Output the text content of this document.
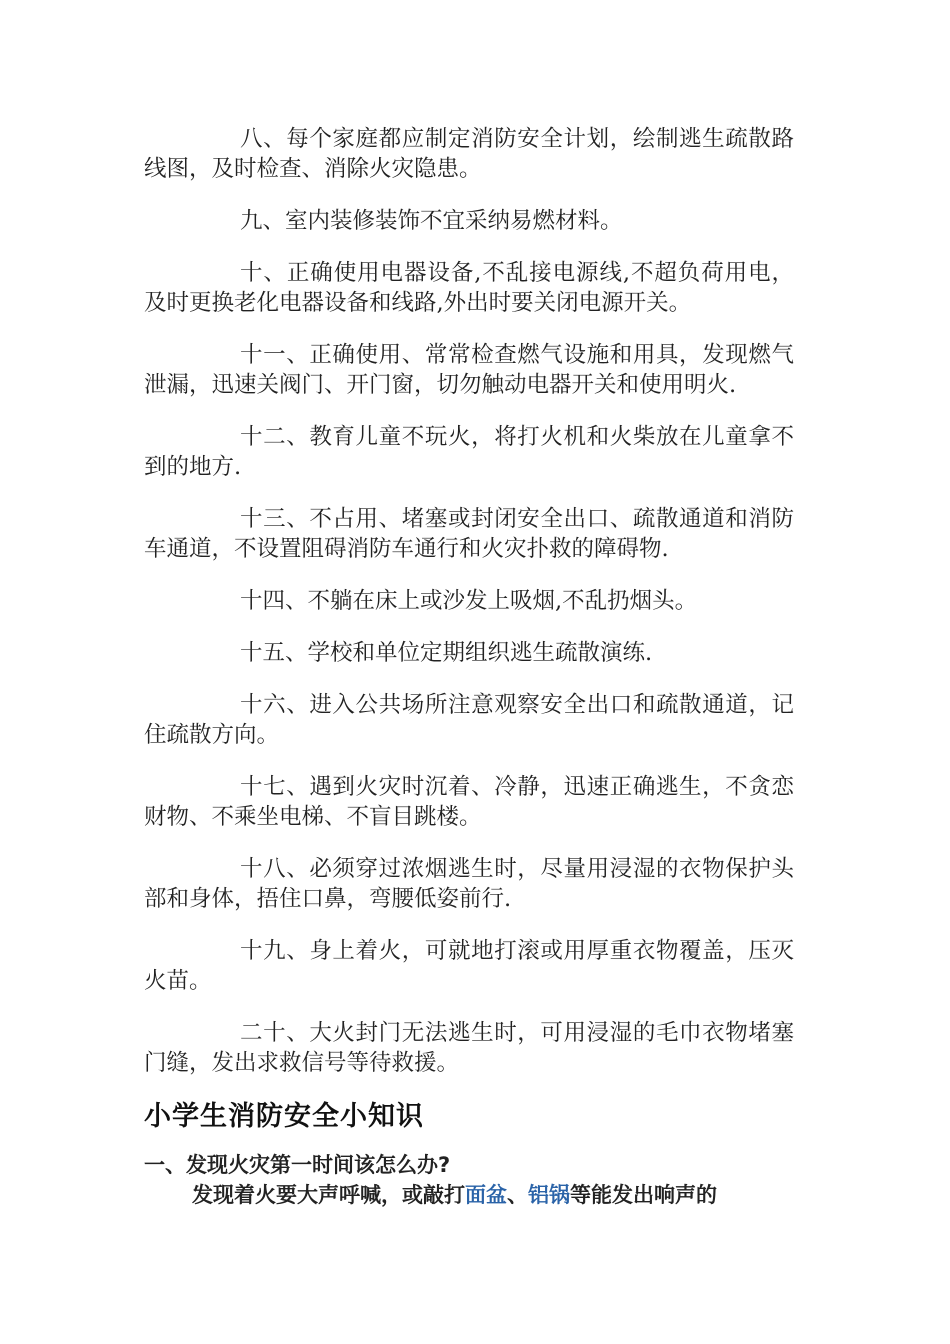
八、每个家庭都应制定消防安全计划，绘制逃生疏散路线图，及时检查、消除火灾隐患。

九、室内装修装饰不宜采纳易燃材料。

十、正确使用电器设备,不乱接电源线,不超负荷用电，及时更换老化电器设备和线路,外出时要关闭电源开关。

十一、正确使用、常常检查燃气设施和用具，发现燃气泄漏，迅速关阀门、开门窗，切勿触动电器开关和使用明火.

十二、教育儿童不玩火，将打火机和火柴放在儿童拿不到的地方.

十三、不占用、堵塞或封闭安全出口、疏散通道和消防车通道，不设置阻碍消防车通行和火灾扑救的障碍物.

十四、不躺在床上或沙发上吸烟,不乱扔烟头。

十五、学校和单位定期组织逃生疏散演练.

十六、进入公共场所注意观察安全出口和疏散通道，记住疏散方向。

十七、遇到火灾时沉着、冷静，迅速正确逃生，不贪恋财物、不乘坐电梯、不盲目跳楼。

十八、必须穿过浓烟逃生时，尽量用浸湿的衣物保护头部和身体，捂住口鼻，弯腰低姿前行.

十九、身上着火，可就地打滚或用厚重衣物覆盖，压灭火苗。

二十、大火封门无法逃生时，可用浸湿的毛巾衣物堵塞门缝，发出求救信号等待救援。

小学生消防安全小知识

一、发现火灾第一时间该怎么办?

发现着火要大声呼喊，或敲打面盆、铝锅等能发出响声的
